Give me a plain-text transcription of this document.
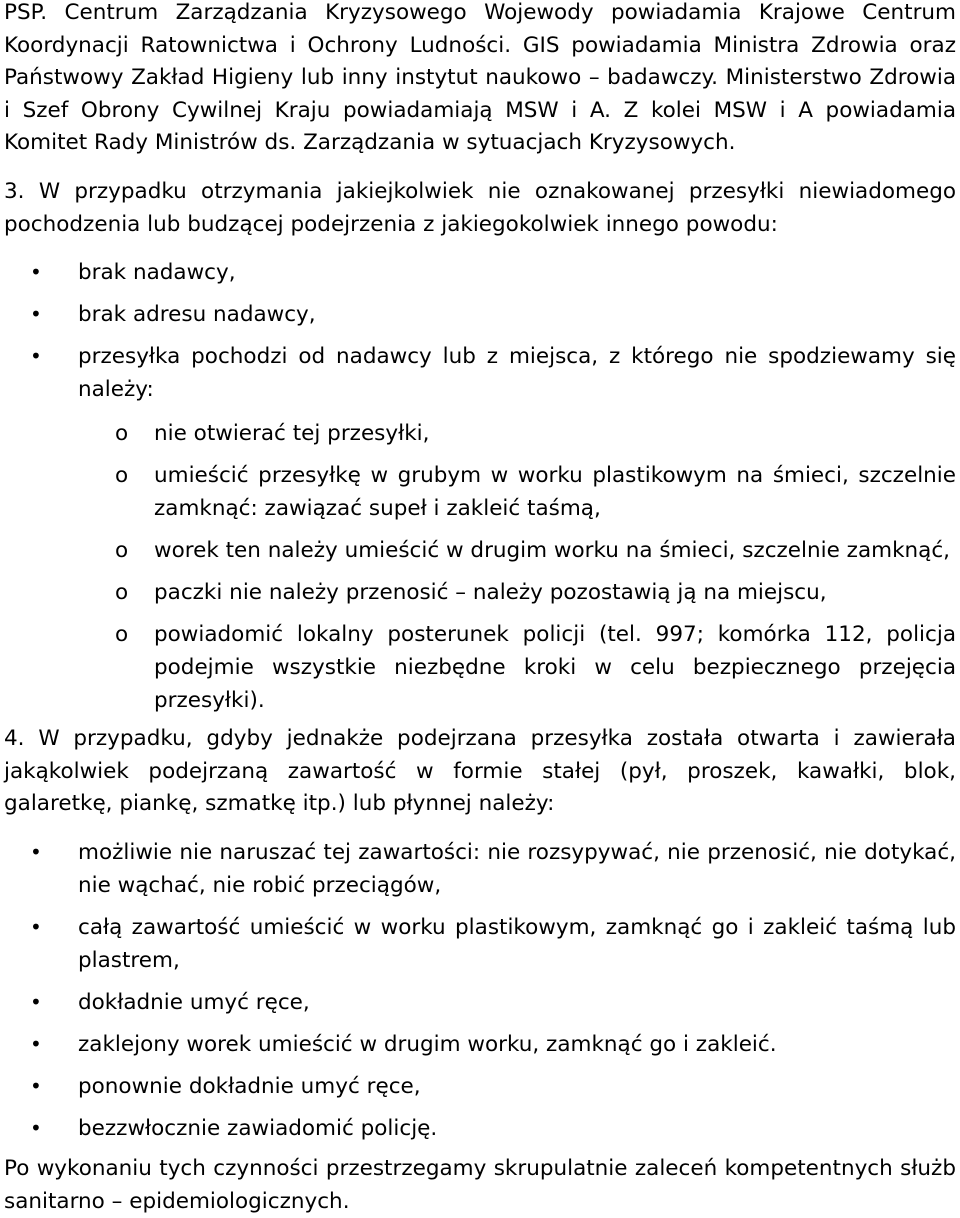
PSP. Centrum Zarządzania Kryzysowego Wojewody powiadamia Krajowe Centrum Koordynacji Ratownictwa i Ochrony Ludności. GIS powiadamia Ministra Zdrowia oraz Państwowy Zakład Higieny lub inny instytut naukowo – badawczy. Ministerstwo Zdrowia i Szef Obrony Cywilnej Kraju powiadamiają MSW i A. Z kolei MSW i A powiadamia Komitet Rady Ministrów ds. Zarządzania w sytuacjach Kryzysowych.

3. W przypadku otrzymania jakiejkolwiek nie oznakowanej przesyłki niewiadomego pochodzenia lub budzącej podejrzenia z jakiegokolwiek innego powodu:

• brak nadawcy,
• brak adresu nadawcy,
• przesyłka pochodzi od nadawcy lub z miejsca, z którego nie spodziewamy się należy:
o nie otwierać tej przesyłki,
o umieścić przesyłkę w grubym w worku plastikowym na śmieci, szczelnie zamknąć: zawiązać supeł i zakleić taśmą,
o worek ten należy umieścić w drugim worku na śmieci, szczelnie zamknąć,
o paczki nie należy przenosić – należy pozostawią ją na miejscu,
o powiadomić lokalny posterunek policji (tel. 997; komórka 112, policja podejmie wszystkie niezbędne kroki w celu bezpiecznego przejęcia przesyłki).

4. W przypadku, gdyby jednakże podejrzana przesyłka została otwarta i zawierała jakąkolwiek podejrzaną zawartość w formie stałej (pył, proszek, kawałki, blok, galaretkę, piankę, szmatkę itp.) lub płynnej należy:

• możliwie nie naruszać tej zawartości: nie rozsypywać, nie przenosić, nie dotykać, nie wąchać, nie robić przeciągów,
• całą zawartość umieścić w worku plastikowym, zamknąć go i zakleić taśmą lub plastrem,
• dokładnie umyć ręce,
• zaklejony worek umieścić w drugim worku, zamknąć go i zakleić.
• ponownie dokładnie umyć ręce,
• bezzwłocznie zawiadomić policję.

Po wykonaniu tych czynności przestrzegamy skrupulatnie zaleceń kompetentnych służb sanitarno – epidemiologicznych.
